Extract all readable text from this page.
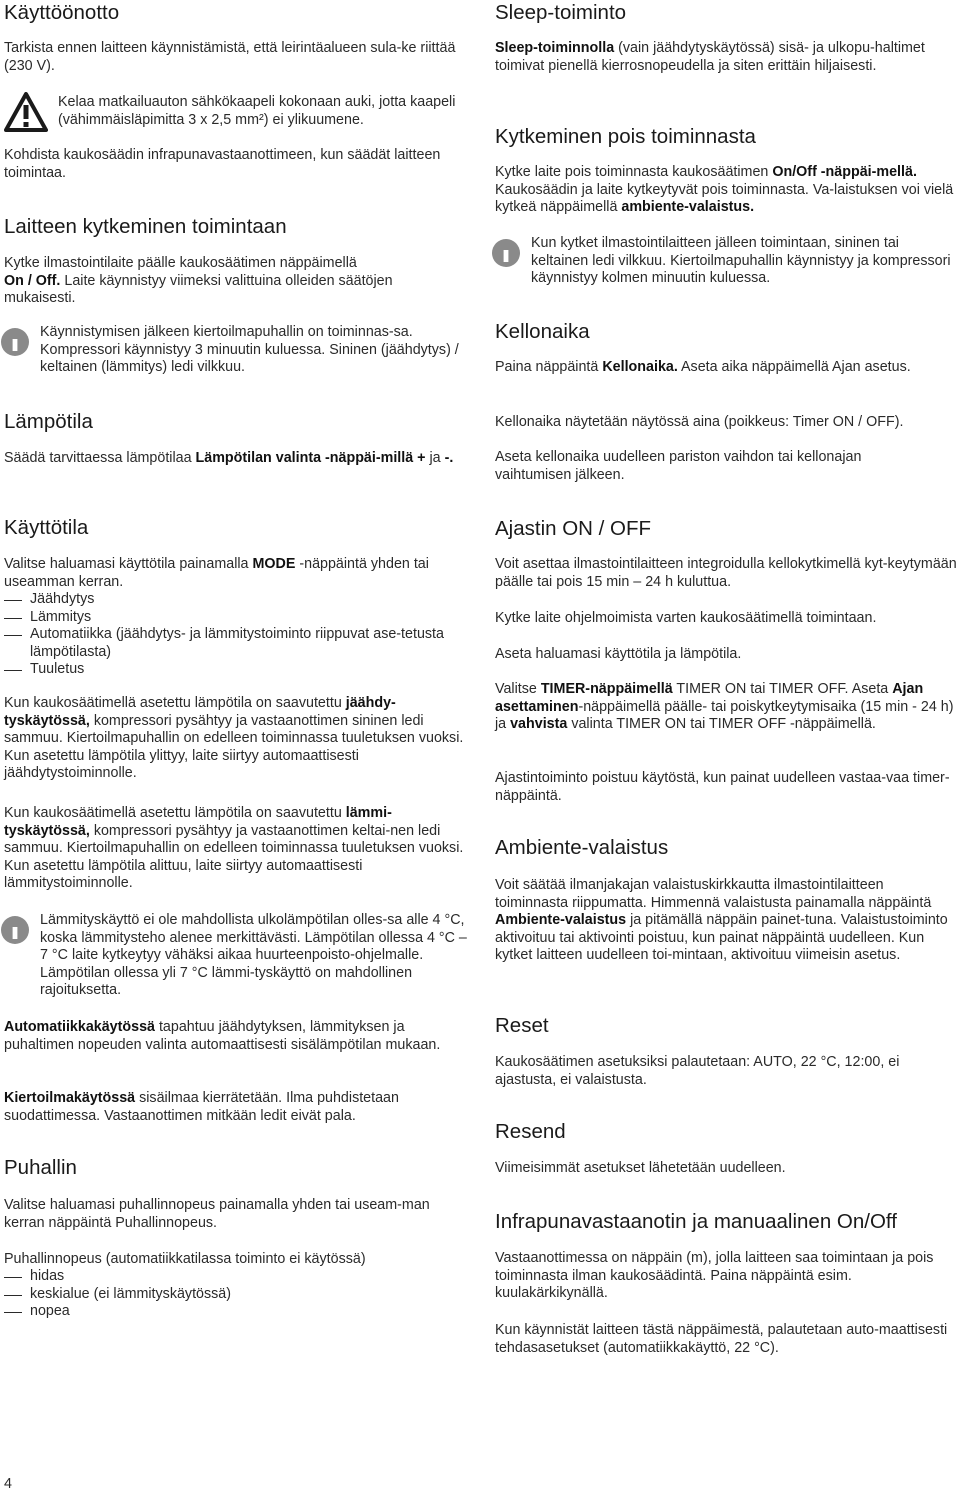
Käyttöönotto

Tarkista ennen laitteen käynnistämistä, että leirintäalueen sula-ke riittää (230 V).

Kelaa matkailuauton sähkökaapeli kokonaan auki, jotta kaapeli (vähimmäisläpimitta 3 x 2,5 mm²) ei ylikuumene.

Kohdista kaukosäädin infrapunavastaanottimeen, kun säädät laitteen toimintaa.

Laitteen kytkeminen toimintaan

Kytke ilmastointilaite päälle kaukosäätimen näppäimellä
On / Off. Laite käynnistyy viimeksi valittuina olleiden säätöjen mukaisesti.

Käynnistymisen jälkeen kiertoilmapuhallin on toiminnas-sa. Kompressori käynnistyy 3 minuutin kuluessa. Sininen (jäähdytys) / keltainen (lämmitys) ledi vilkkuu.

Lämpötila

Säädä tarvittaessa lämpötilaa Lämpötilan valinta -näppäi-millä + ja -.

Käyttötila

Valitse haluamasi käyttötila painamalla MODE -näppäintä yhden tai useamman kerran.

Jäähdytys
Lämmitys
Automatiikka (jäähdytys- ja lämmitystoiminto riippuvat ase-tetusta lämpötilasta)
Tuuletus

Kun kaukosäätimellä asetettu lämpötila on saavutettu jäähdy-tyskäytössä, kompressori pysähtyy ja vastaanottimen sininen ledi sammuu. Kiertoilmapuhallin on edelleen toiminnassa tuuletuksen vuoksi. Kun asetettu lämpötila ylittyy, laite siirtyy automaattisesti jäähdytystoiminnolle.

Kun kaukosäätimellä asetettu lämpötila on saavutettu lämmi-tyskäytössä, kompressori pysähtyy ja vastaanottimen keltai-nen ledi sammuu. Kiertoilmapuhallin on edelleen toiminnassa tuuletuksen vuoksi. Kun asetettu lämpötila alittuu, laite siirtyy automaattisesti lämmitystoiminnolle.

Lämmityskäyttö ei ole mahdollista ulkolämpötilan olles-sa alle 4 °C, koska lämmitysteho alenee merkittävästi. Lämpötilan ollessa 4 °C – 7 °C laite kytkeytyy vähäksi aikaa huurteenpoisto-ohjelmalle. Lämpötilan ollessa yli 7 °C lämmi-tyskäyttö on mahdollinen rajoituksetta.

Automatiikkakäytössä tapahtuu jäähdytyksen, lämmityksen ja puhaltimen nopeuden valinta automaattisesti sisälämpötilan mukaan.

Kiertoilmakäytössä sisäilmaa kierrätetään. Ilma puhdistetaan suodattimessa. Vastaanottimen mitkään ledit eivät pala.

Puhallin

Valitse haluamasi puhallinnopeus painamalla yhden tai useam-man kerran näppäintä Puhallinnopeus.

Puhallinnopeus (automatiikkatilassa toiminto ei käytössä)

hidas
keskialue (ei lämmityskäytössä)
nopea
4
Sleep-toiminto

Sleep-toiminnolla (vain jäähdytyskäytössä) sisä- ja ulkopu-haltimet toimivat pienellä kierrosnopeudella ja siten erittäin hiljaisesti.

Kytkeminen pois toiminnasta

Kytke laite pois toiminnasta kaukosäätimen On/Off -näppäi-mellä. Kaukosäädin ja laite kytkeytyvät pois toiminnasta. Va-laistuksen voi vielä kytkeä näppäimellä ambiente-valaistus.

Kun kytket ilmastointilaitteen jälleen toimintaan, sininen tai keltainen ledi vilkkuu. Kiertoilmapuhallin käynnistyy ja kompressori käynnistyy kolmen minuutin kuluessa.

Kellonaika

Paina näppäintä Kellonaika. Aseta aika näppäimellä Ajan asetus.

Kellonaika näytetään näytössä aina (poikkeus: Timer ON / OFF).

Aseta kellonaika uudelleen pariston vaihdon tai kellonajan vaihtumisen jälkeen.

Ajastin ON / OFF

Voit asettaa ilmastointilaitteen integroidulla kellokytkimellä kyt-keytymään päälle tai pois 15 min – 24 h kuluttua.

Kytke laite ohjelmoimista varten kaukosäätimellä toimintaan.

Aseta haluamasi käyttötila ja lämpötila.

Valitse TIMER-näppäimellä TIMER ON tai TIMER OFF. Aseta Ajan asettaminen-näppäimellä päälle- tai poiskytkeytymisaika (15 min - 24 h) ja vahvista valinta TIMER ON tai TIMER OFF -näppäimellä.

Ajastintoiminto poistuu käytöstä, kun painat uudelleen vastaa-vaa timer-näppäintä.

Ambiente-valaistus

Voit säätää ilmanjakajan valaistuskirkkautta ilmastointilaitteen toiminnasta riippumatta. Himmennä valaistusta painamalla näppäintä Ambiente-valaistus ja pitämällä näppäin painet-tuna. Valaistustoiminto aktivoituu tai aktivointi poistuu, kun painat näppäintä uudelleen. Kun kytket laitteen uudelleen toi-mintaan, aktivoituu viimeisin asetus.

Reset

Kaukosäätimen asetuksiksi palautetaan: AUTO, 22 °C, 12:00, ei ajastusta, ei valaistusta.

Resend

Viimeisimmät asetukset lähetetään uudelleen.

Infrapunavastaanotin ja manuaalinen On/Off

Vastaanottimessa on näppäin (m), jolla laitteen saa toimintaan ja pois toiminnasta ilman kaukosäädintä. Paina näppäintä esim. kuulakärkikynällä.

Kun käynnistät laitteen tästä näppäimestä, palautetaan auto-maattisesti tehdasasetukset (automatiikkakäyttö, 22 °C).
